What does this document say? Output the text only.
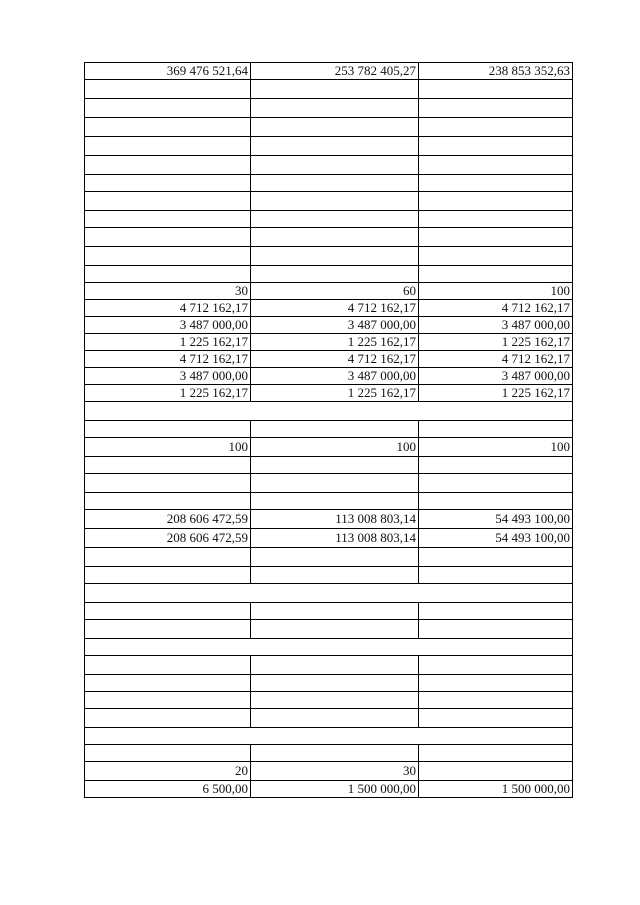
369 476 521,64	253 782 405,27	238 853 352,63

30	60	100
4 712 162,17	4 712 162,17	4 712 162,17
3 487 000,00	3 487 000,00	3 487 000,00
1 225 162,17	1 225 162,17	1 225 162,17
4 712 162,17	4 712 162,17	4 712 162,17
3 487 000,00	3 487 000,00	3 487 000,00
1 225 162,17	1 225 162,17	1 225 162,17

100	100	100

208 606 472,59	113 008 803,14	54 493 100,00
208 606 472,59	113 008 803,14	54 493 100,00

20	30	
6 500,00	1 500 000,00	1 500 000,00
